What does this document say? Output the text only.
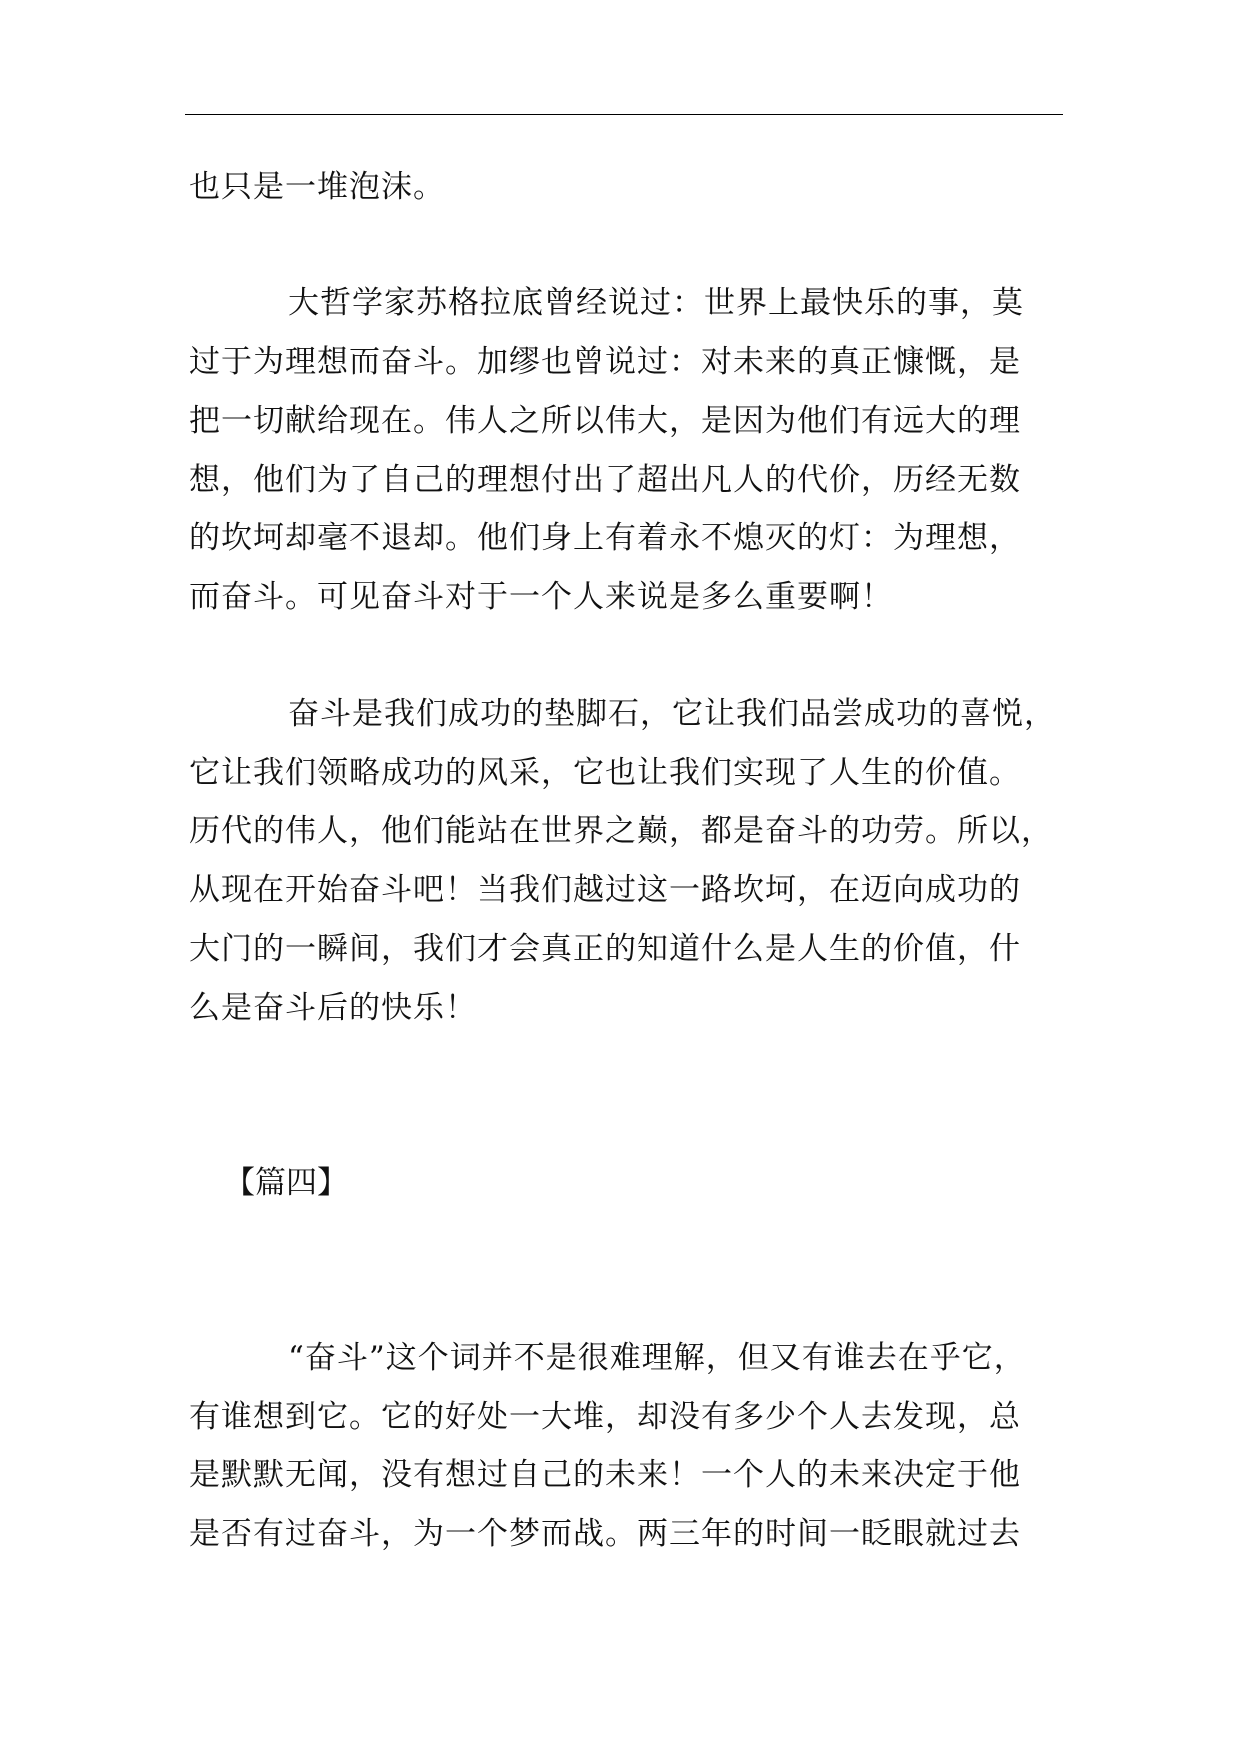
也只是一堆泡沫。
大哲学家苏格拉底曾经说过：世界上最快乐的事，莫
过于为理想而奋斗。加缪也曾说过：对未来的真正慷慨，是
把一切献给现在。伟人之所以伟大，是因为他们有远大的理
想，他们为了自己的理想付出了超出凡人的代价，历经无数
的坎坷却毫不退却。他们身上有着永不熄灭的灯：为理想，
而奋斗。可见奋斗对于一个人来说是多么重要啊！
奋斗是我们成功的垫脚石，它让我们品尝成功的喜悦，
它让我们领略成功的风采，它也让我们实现了人生的价值。
历代的伟人，他们能站在世界之巅，都是奋斗的功劳。所以，
从现在开始奋斗吧！当我们越过这一路坎坷，在迈向成功的
大门的一瞬间，我们才会真正的知道什么是人生的价值，什
么是奋斗后的快乐！
【篇四】
“奋斗”这个词并不是很难理解，但又有谁去在乎它，
有谁想到它。它的好处一大堆，却没有多少个人去发现，总
是默默无闻，没有想过自己的未来！一个人的未来决定于他
是否有过奋斗，为一个梦而战。两三年的时间一眨眼就过去
